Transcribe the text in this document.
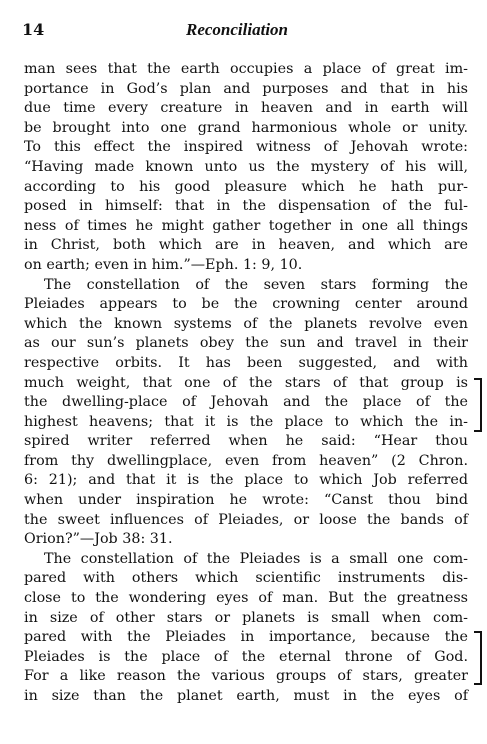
14	Reconciliation
man sees that the earth occupies a place of great im-
portance in God’s plan and purposes and that in his
due time every creature in heaven and in earth will
be brought into one grand harmonious whole or unity.
To this effect the inspired witness of Jehovah wrote:
“Having made known unto us the mystery of his will,
according to his good pleasure which he hath pur-
posed in himself: that in the dispensation of the ful-
ness of times he might gather together in one all things
in Christ, both which are in heaven, and which are
on earth; even in him.”—Eph. 1: 9, 10.
The constellation of the seven stars forming the
Pleiades appears to be the crowning center around
which the known systems of the planets revolve even
as our sun’s planets obey the sun and travel in their
respective orbits. It has been suggested, and with
much weight, that one of the stars of that group is
the dwelling-place of Jehovah and the place of the
highest heavens; that it is the place to which the in-
spired writer referred when he said: “Hear thou
from thy dwellingplace, even from heaven” (2 Chron.
6: 21); and that it is the place to which Job referred
when under inspiration he wrote: “Canst thou bind
the sweet influences of Pleiades, or loose the bands of
Orion?”—Job 38: 31.
The constellation of the Pleiades is a small one com-
pared with others which scientific instruments dis-
close to the wondering eyes of man. But the greatness
in size of other stars or planets is small when com-
pared with the Pleiades in importance, because the
Pleiades is the place of the eternal throne of God.
For a like reason the various groups of stars, greater
in size than the planet earth, must in the eyes of
